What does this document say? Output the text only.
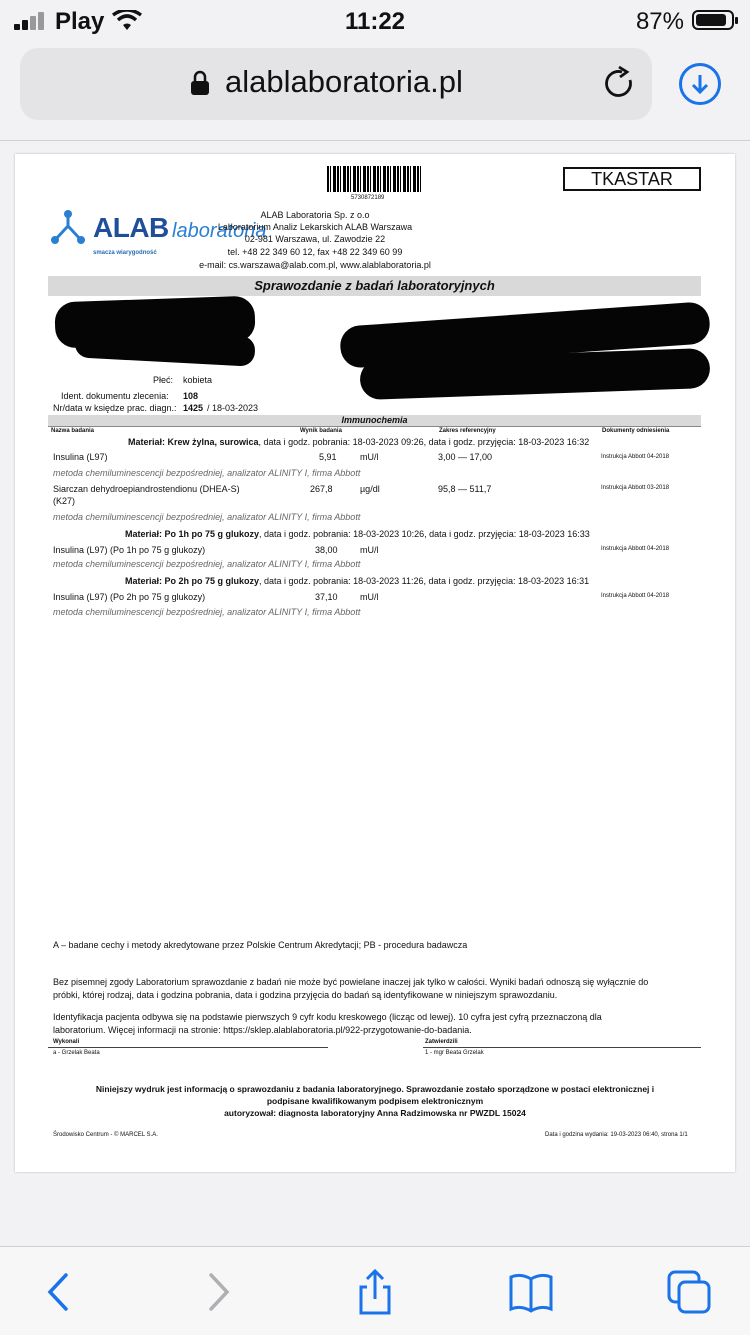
Play	11:22	87%
alablaboratoria.pl
5730872189
TKASTAR
ALAB laboratoria
smacza wiarygodność
ALAB Laboratoria Sp. z o.o
Laboratorium Analiz Lekarskich ALAB Warszawa
02-981 Warszawa, ul. Zawodzie 22
tel. +48 22 349 60 12, fax +48 22 349 60 99
e-mail: cs.warszawa@alab.com.pl, www.alablaboratoria.pl
Sprawozdanie z badań laboratoryjnych
Płeć: kobieta
Ident. dokumentu zlecenia: 108
Nr/data w księdze prac. diagn.: 1425 / 18-03-2023
Immunochemia
Nazwa badania	Wynik badania	Zakres referencyjny	Dokumenty odniesienia
Materiał: Krew żylna, surowica, data i godz. pobrania: 18-03-2023 09:26, data i godz. przyjęcia: 18-03-2023 16:32
Insulina (L97)	5,91	mU/l	3,00 — 17,00	Instrukcja Abbott 04-2018
metoda chemiluminescencji bezpośredniej, analizator ALINITY I, firma Abbott
Siarczan dehydroepiandrostendionu (DHEA-S)
(K27)
267,8	µg/dl	95,8 — 511,7	Instrukcja Abbott 03-2018
metoda chemiluminescencji bezpośredniej, analizator ALINITY I, firma Abbott
Materiał: Po 1h po 75 g glukozy, data i godz. pobrania: 18-03-2023 10:26, data i godz. przyjęcia: 18-03-2023 16:33
Insulina (L97) (Po 1h po 75 g glukozy)	38,00 mU/l	Instrukcja Abbott 04-2018
metoda chemiluminescencji bezpośredniej, analizator ALINITY I, firma Abbott
Materiał: Po 2h po 75 g glukozy, data i godz. pobrania: 18-03-2023 11:26, data i godz. przyjęcia: 18-03-2023 16:31
Insulina (L97) (Po 2h po 75 g glukozy)	37,10 mU/l	Instrukcja Abbott 04-2018
metoda chemiluminescencji bezpośredniej, analizator ALINITY I, firma Abbott
A – badane cechy i metody akredytowane przez Polskie Centrum Akredytacji; PB - procedura badawcza
Bez pisemnej zgody Laboratorium sprawozdanie z badań nie może być powielane inaczej jak tylko w całości. Wyniki badań odnoszą się wyłącznie do
próbki, której rodzaj, data i godzina pobrania, data i godzina przyjęcia do badań są identyfikowane w niniejszym sprawozdaniu.
Identyfikacja pacjenta odbywa się na podstawie pierwszych 9 cyfr kodu kreskowego (licząc od lewej). 10 cyfra jest cyfrą przeznaczoną dla
laboratorium. Więcej informacji na stronie: https://sklep.alablaboratoria.pl/922-przygotowanie-do-badania.
Wykonali
a - Grzelak Beata
Zatwierdzili
1 - mgr Beata Grzelak
Niniejszy wydruk jest informacją o sprawozdaniu z badania laboratoryjnego. Sprawozdanie zostało sporządzone w postaci elektronicznej i
podpisane kwalifikowanym podpisem elektronicznym
autoryzował: diagnosta laboratoryjny Anna Radzimowska nr PWZDL 15024
Środowisko Centrum - © MARCEL S.A.	Data i godzina wydania: 19-03-2023 06:40, strona 1/1
